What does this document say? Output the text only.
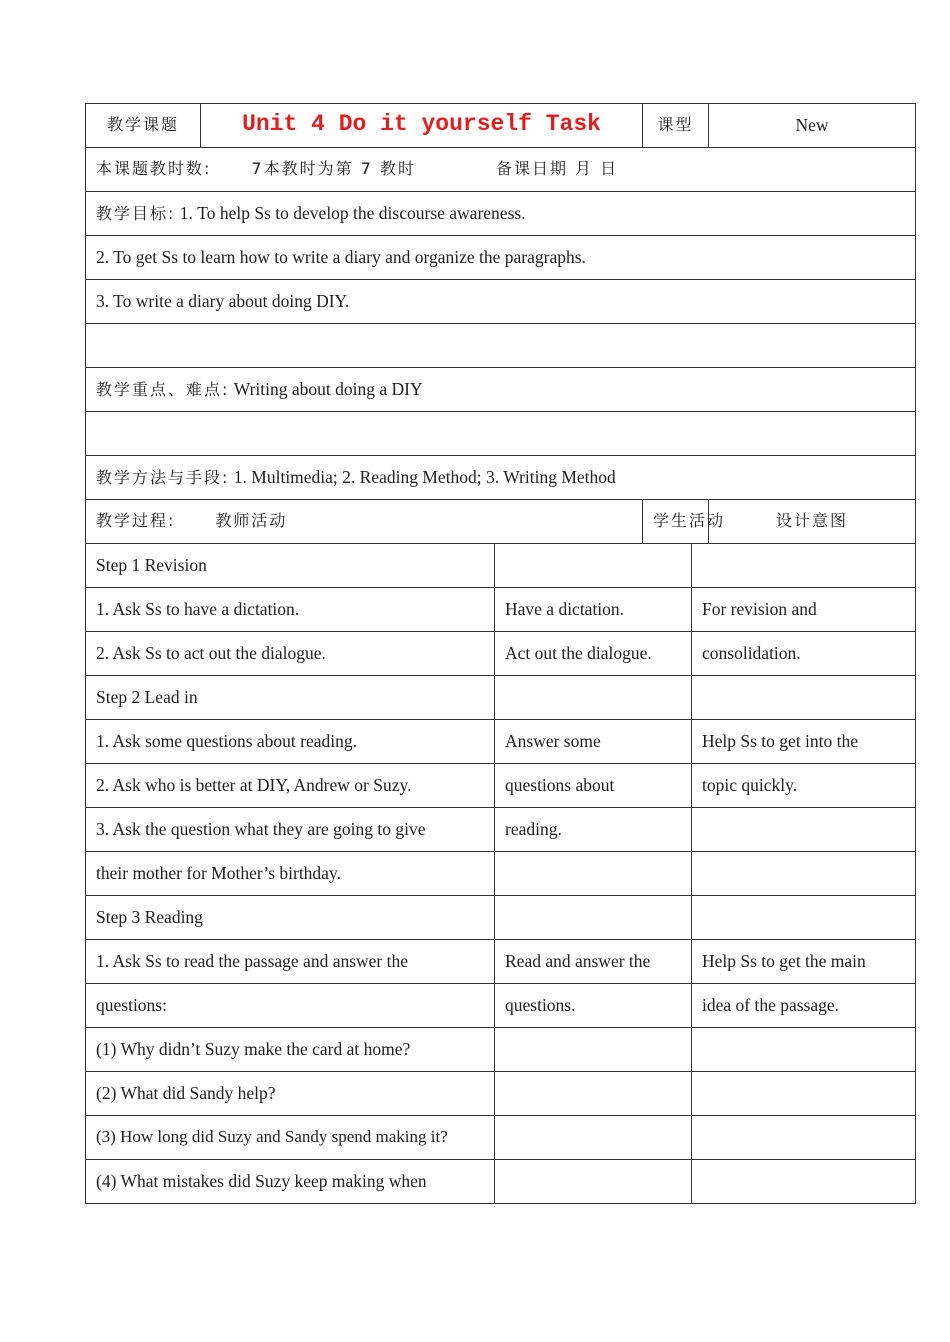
教学课题	Unit 4 Do it yourself Task	课型	New
本课题教时数: 7本教时为第 7 教时 备课日期 月 日			
教学目标: 1. To help Ss to develop the discourse awareness.			
2. To get Ss to learn how to write a diary and organize the paragraphs.			
3. To write a diary about doing DIY.			

教学重点、难点: Writing about doing a DIY			

教学方法与手段: 1. Multimedia; 2. Reading Method; 3. Writing Method			
教学过程: 教师活动		学生活动	设计意图
Step 1 Revision		
1. Ask Ss to have a dictation.	Have a dictation.	For revision and
2. Ask Ss to act out the dialogue.	Act out the dialogue.	consolidation.
Step 2 Lead in		
1. Ask some questions about reading.	Answer some	Help Ss to get into the
2. Ask who is better at DIY, Andrew or Suzy.	questions about	topic quickly.
3. Ask the question what they are going to give	reading.	
their mother for Mother’s birthday.		
Step 3 Reading		
1. Ask Ss to read the passage and answer the	Read and answer the	Help Ss to get the main
questions:	questions.	idea of the passage.
(1) Why didn’t Suzy make the card at home?		
(2) What did Sandy help?		
(3) How long did Suzy and Sandy spend making it?		
(4) What mistakes did Suzy keep making when		
